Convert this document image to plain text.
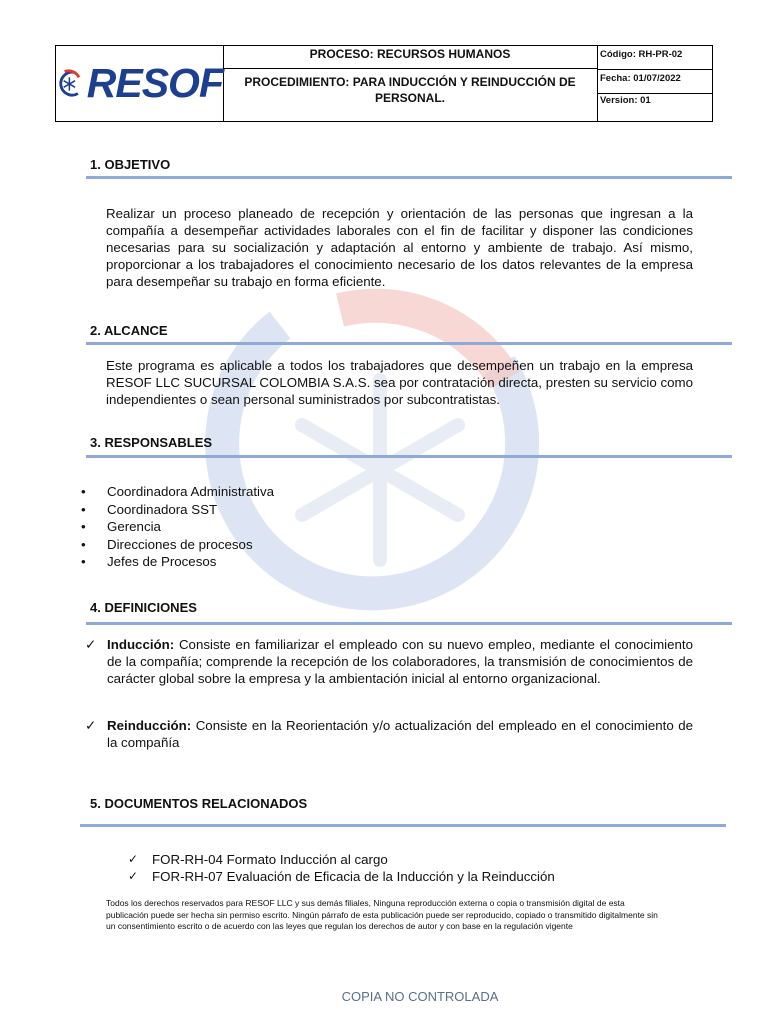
RESOF
PROCESO: RECURSOS HUMANOS
PROCEDIMIENTO: PARA INDUCCIÓN Y REINDUCCIÓN DE
PERSONAL.
Código: RH-PR-02
Fecha: 01/07/2022
Version: 01
1. OBJETIVO
Realizar un proceso planeado de recepción y orientación de las personas que ingresan a la compañía a desempeñar actividades laborales con el fin de facilitar y disponer las condiciones necesarias para su socialización y adaptación al entorno y ambiente de trabajo. Así mismo, proporcionar a los trabajadores el conocimiento necesario de los datos relevantes de la empresa para desempeñar su trabajo en forma eficiente.
2. ALCANCE
Este programa es aplicable a todos los trabajadores que desempeñen un trabajo en la empresa RESOF LLC SUCURSAL COLOMBIA S.A.S. sea por contratación directa, presten su servicio como independientes o sean personal suministrados por subcontratistas.
3. RESPONSABLES
• Coordinadora Administrativa
• Coordinadora SST
• Gerencia
• Direcciones de procesos
• Jefes de Procesos
4. DEFINICIONES
✓ Inducción: Consiste en familiarizar el empleado con su nuevo empleo, mediante el conocimiento de la compañía; comprende la recepción de los colaboradores, la transmisión de conocimientos de carácter global sobre la empresa y la ambientación inicial al entorno organizacional.
✓ Reinducción: Consiste en la Reorientación y/o actualización del empleado en el conocimiento de la compañía
5. DOCUMENTOS RELACIONADOS
✓ FOR-RH-04 Formato Inducción al cargo
✓ FOR-RH-07 Evaluación de Eficacia de la Inducción y la Reinducción
Todos los derechos reservados para RESOF LLC y sus demás filiales, Ninguna reproducción externa o copia o transmisión digital de esta publicación puede ser hecha sin permiso escrito. Ningún párrafo de esta publicación puede ser reproducido, copiado o transmitido digitalmente sin un consentimiento escrito o de acuerdo con las leyes que regulan los derechos de autor y con base en la regulación vigente
COPIA NO CONTROLADA
